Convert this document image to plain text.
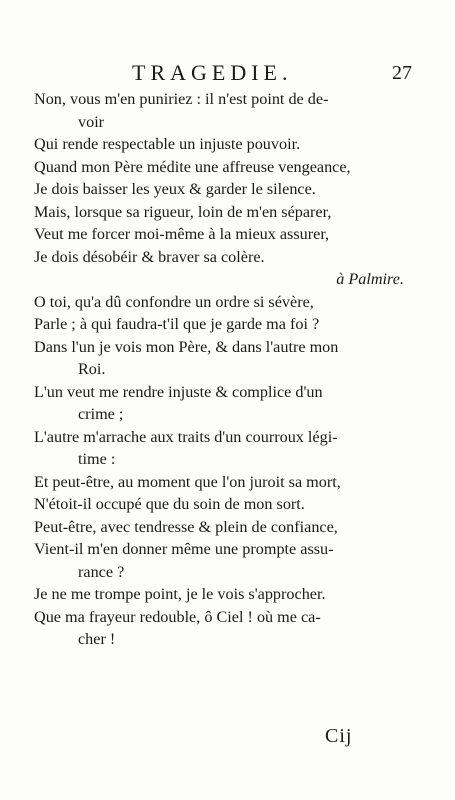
TRAGEDIE.	27
Non, vous m'en puniriez : il n'est point de de-
voir
Qui rende respectable un injuste pouvoir.
Quand mon Père médite une affreuse vengeance,
Je dois baisser les yeux & garder le silence.
Mais, lorsque sa rigueur, loin de m'en séparer,
Veut me forcer moi-même à la mieux assurer,
Je dois désobéir & braver sa colère.
à Palmire.
O toi, qu'a dû confondre un ordre si sévère,
Parle ; à qui faudra-t'il que je garde ma foi ?
Dans l'un je vois mon Père, & dans l'autre mon
Roi.
L'un veut me rendre injuste & complice d'un
crime ;
L'autre m'arrache aux traits d'un courroux légi-
time :
Et peut-être, au moment que l'on juroit sa mort,
N'étoit-il occupé que du soin de mon sort.
Peut-être, avec tendresse & plein de confiance,
Vient-il m'en donner même une prompte assu-
rance ?
Je ne me trompe point, je le vois s'approcher.
Que ma frayeur redouble, ô Ciel ! où me ca-
cher !
Cij
